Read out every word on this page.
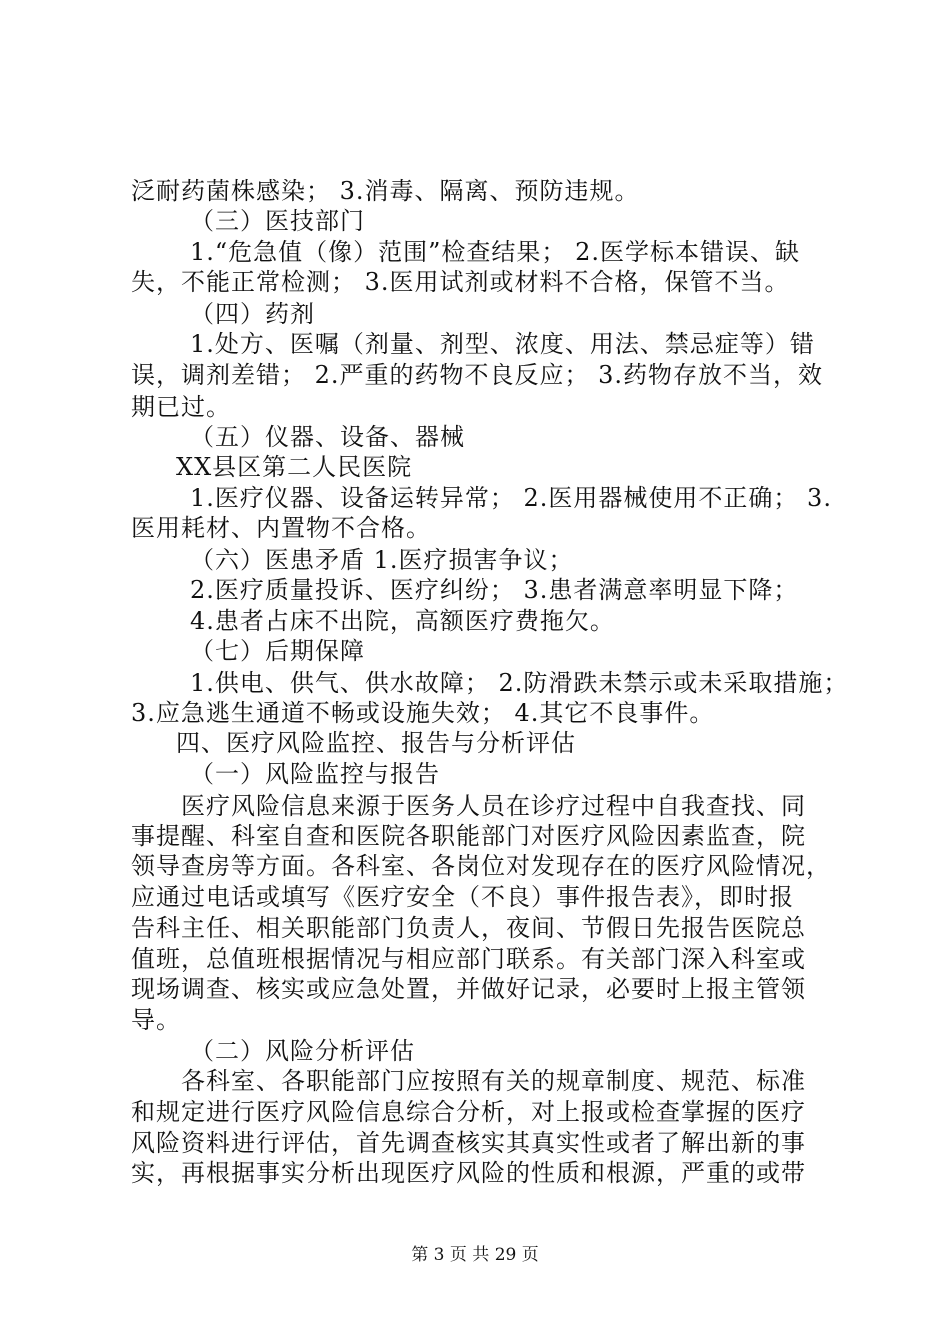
泛耐药菌株感染； 3.消毒、隔离、预防违规。
（三）医技部门
1.“危急值（像）范围”检查结果； 2.医学标本错误、缺
失，不能正常检测； 3.医用试剂或材料不合格，保管不当。
（四）药剂
1.处方、医嘱（剂量、剂型、浓度、用法、禁忌症等）错
误，调剂差错； 2.严重的药物不良反应； 3.药物存放不当，效
期已过。
（五）仪器、设备、器械
XX县区第二人民医院
1.医疗仪器、设备运转异常； 2.医用器械使用不正确； 3.
医用耗材、内置物不合格。
（六）医患矛盾 1.医疗损害争议；
2.医疗质量投诉、医疗纠纷； 3.患者满意率明显下降；
4.患者占床不出院，高额医疗费拖欠。
（七）后期保障
1.供电、供气、供水故障； 2.防滑跌未禁示或未采取措施；
3.应急逃生通道不畅或设施失效； 4.其它不良事件。
四、医疗风险监控、报告与分析评估
（一）风险监控与报告
医疗风险信息来源于医务人员在诊疗过程中自我查找、同
事提醒、科室自查和医院各职能部门对医疗风险因素监查，院
领导查房等方面。各科室、各岗位对发现存在的医疗风险情况，
应通过电话或填写《医疗安全（不良）事件报告表》，即时报
告科主任、相关职能部门负责人，夜间、节假日先报告医院总
值班，总值班根据情况与相应部门联系。有关部门深入科室或
现场调查、核实或应急处置，并做好记录，必要时上报主管领
导。
（二）风险分析评估
各科室、各职能部门应按照有关的规章制度、规范、标准
和规定进行医疗风险信息综合分析，对上报或检查掌握的医疗
风险资料进行评估，首先调查核实其真实性或者了解出新的事
实，再根据事实分析出现医疗风险的性质和根源，严重的或带
第 3 页 共 29 页
